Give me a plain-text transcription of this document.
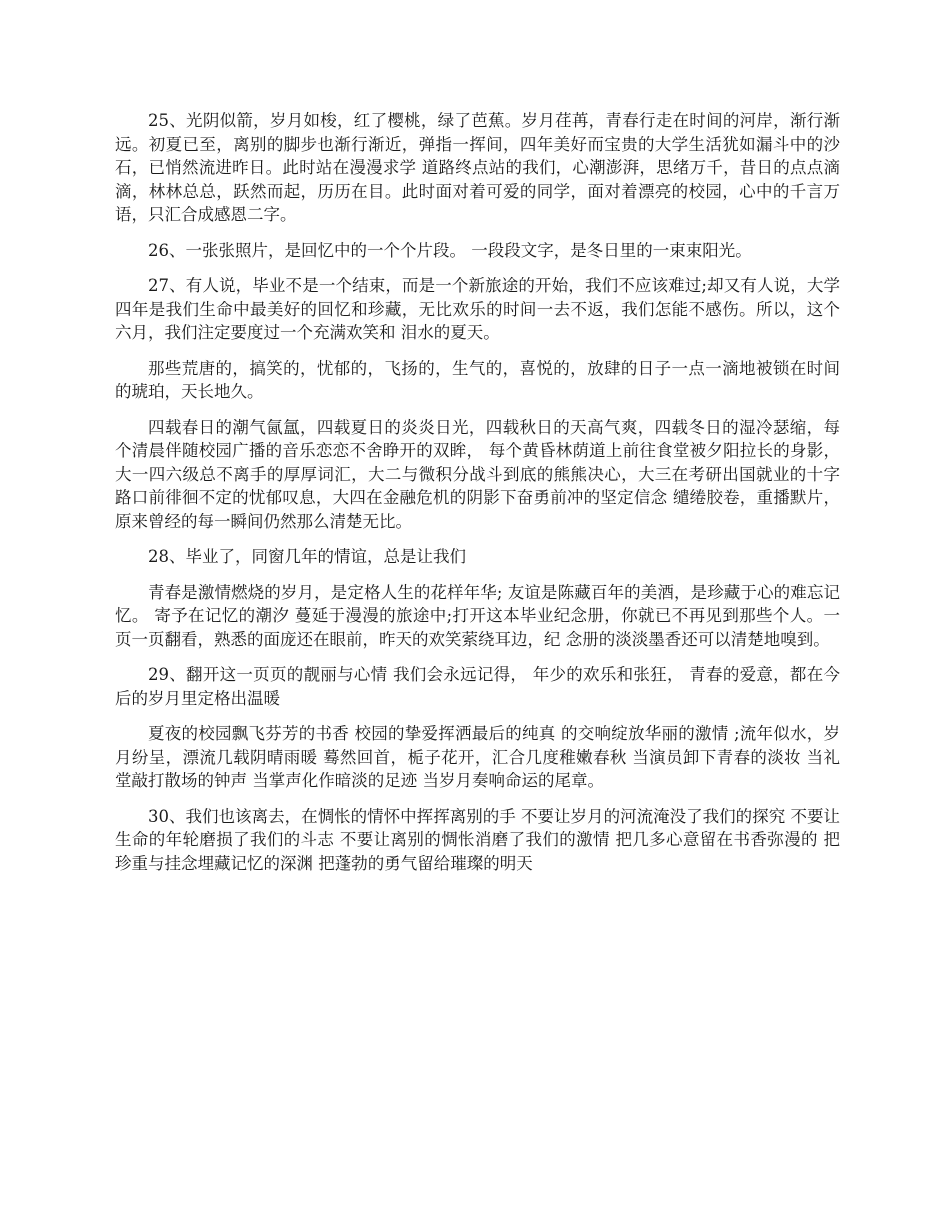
25、光阴似箭，岁月如梭，红了樱桃，绿了芭蕉。岁月荏苒，青春行走在时间的河岸，渐行渐远。初夏已至，离别的脚步也渐行渐近，弹指一挥间，四年美好而宝贵的大学生活犹如漏斗中的沙石，已悄然流进昨日。此时站在漫漫求学 道路终点站的我们，心潮澎湃，思绪万千，昔日的点点滴滴，林林总总，跃然而起，历历在目。此时面对着可爱的同学，面对着漂亮的校园，心中的千言万语，只汇合成感恩二字。

26、一张张照片，是回忆中的一个个片段。 一段段文字，是冬日里的一束束阳光。

27、有人说，毕业不是一个结束，而是一个新旅途的开始，我们不应该难过;却又有人说，大学四年是我们生命中最美好的回忆和珍藏，无比欢乐的时间一去不返，我们怎能不感伤。所以，这个六月，我们注定要度过一个充满欢笑和 泪水的夏天。

那些荒唐的，搞笑的，忧郁的，飞扬的，生气的，喜悦的，放肆的日子一点一滴地被锁在时间的琥珀，天长地久。

四载春日的潮气氤氲，四载夏日的炎炎日光，四载秋日的天高气爽，四载冬日的湿冷瑟缩，每个清晨伴随校园广播的音乐恋恋不舍睁开的双眸， 每个黄昏林荫道上前往食堂被夕阳拉长的身影， 大一四六级总不离手的厚厚词汇，大二与微积分战斗到底的熊熊决心，大三在考研出国就业的十字路口前徘徊不定的忧郁叹息，大四在金融危机的阴影下奋勇前冲的坚定信念 缱绻胶卷，重播默片，原来曾经的每一瞬间仍然那么清楚无比。

28、毕业了，同窗几年的情谊，总是让我们

青春是激情燃烧的岁月，是定格人生的花样年华; 友谊是陈藏百年的美酒，是珍藏于心的难忘记忆。 寄予在记忆的潮汐 蔓延于漫漫的旅途中;打开这本毕业纪念册，你就已不再见到那些个人。一页一页翻看，熟悉的面庞还在眼前，昨天的欢笑萦绕耳边，纪 念册的淡淡墨香还可以清楚地嗅到。

29、翻开这一页页的靓丽与心情 我们会永远记得， 年少的欢乐和张狂， 青春的爱意，都在今后的岁月里定格出温暖

夏夜的校园飘飞芬芳的书香 校园的挚爱挥洒最后的纯真 的交响绽放华丽的激情 ;流年似水，岁月纷呈，漂流几载阴晴雨暖 蓦然回首，栀子花开，汇合几度稚嫩春秋 当演员卸下青春的淡妆 当礼堂敲打散场的钟声 当掌声化作暗淡的足迹 当岁月奏响命运的尾章。

30、我们也该离去，在惆怅的情怀中挥挥离别的手 不要让岁月的河流淹没了我们的探究 不要让生命的年轮磨损了我们的斗志 不要让离别的惆怅消磨了我们的激情 把几多心意留在书香弥漫的 把珍重与挂念埋藏记忆的深渊 把蓬勃的勇气留给璀璨的明天
